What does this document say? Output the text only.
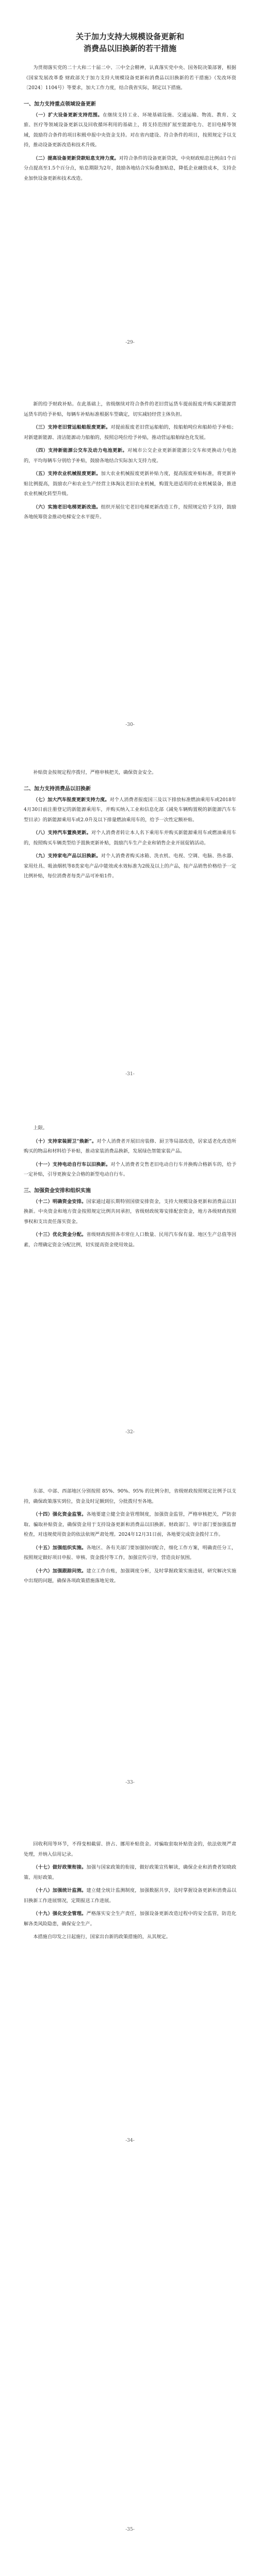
关于加力支持大规模设备更新和

消费品以旧换新的若干措施

为贯彻落实党的二十大和二十届二中、三中全会精神，认真落实党中央、国务院决策部署，根据《国家发展改革委 财政部关于加力支持大规模设备更新和消费品以旧换新的若干措施》（发改环资〔2024〕1104号）等要求，加大工作力度，结合我省实际，制定以下措施。

一、加力支持重点领域设备更新

（一）扩大设备更新支持范围。在继续支持工业、环境基础设施、交通运输、物流、教育、文旅、医疗等领域设备更新以及回收循环利用的基础上，将支持范围扩展至能源电力、老旧电梯等领域，鼓励符合条件的项目积极申报中央资金支持。对在省内建设、符合条件的项目，按照规定予以支持，推动设备更新改造和技术升级。

（二）提高设备更新贷款贴息支持力度。对符合条件的设备更新贷款，中央财政贴息比例由1个百分点提高至1.5个百分点，贴息期限为2年，鼓励各地结合实际叠加贴息，降低企业融资成本，支持企业加快设备更新和技术改造。

-29-

新的给予财政补贴。在此基础上，省级继续对符合条件的老旧营运货车提前报废并购买新能源营运货车的给予补贴，每辆车补贴标准根据车型确定，切实减轻经营主体负担。

（三）支持老旧营运船舶报废更新。对提前报废老旧营运船舶的，按船舶吨位和船龄给予补贴；对新建新能源、清洁能源动力船舶的，按照总吨位给予补贴，推动营运船舶绿色化发展。

（四）支持新能源公交车及动力电池更新。对城市公交企业更新新能源公交车和更换动力电池的，平均每辆车分别给予补贴，鼓励各地结合实际加大支持力度。

（五）支持农业机械报废更新。加大农业机械报废更新补贴力度，提高报废补贴标准，将更新补贴比例提高，鼓励农户和农业生产经营主体淘汰老旧农业机械，购置先进适用的农业机械装备，推进农业机械化转型升级。

（六）实施老旧电梯更新改造。组织开展住宅老旧电梯更新改造工作，按照规定给予支持，鼓励各地统筹资金推动电梯安全水平提升。

-30-

补贴资金按规定程序拨付，严格审核把关，确保资金安全。

二、加力支持消费品以旧换新

（七）加大汽车报废更新支持力度。对个人消费者报废国三及以下排放标准燃油乘用车或2018年4月30日前注册登记的新能源乘用车，并购买纳入工业和信息化部《减免车辆购置税的新能源汽车车型目录》的新能源乘用车或2.0升及以下排量燃油乘用车的，给予一次性定额补贴。

（八）支持汽车置换更新。对个人消费者转让本人名下乘用车并购买新能源乘用车或燃油乘用车的，按照购买车辆类型给予置换更新补贴，鼓励汽车生产企业和销售企业开展促销活动。

（九）支持家电产品以旧换新。对个人消费者购买冰箱、洗衣机、电视、空调、电脑、热水器、家用灶具、吸油烟机等8类家电产品中能效或水效标准为2级及以上的产品，按产品销售价格给予一定比例补贴，每位消费者每类产品可补贴1件。

-31-

上限。

（十）支持家装厨卫“焕新”。对个人消费者开展旧房装修、厨卫等局部改造，居家适老化改造所购买的物品和材料给予补贴，推动家装消费品换新，发展绿色智能家装产品。

（十一）支持电动自行车以旧换新。对个人消费者交售老旧电动自行车并换购合格新车的，给予一定补贴，引导更换安全合格的新型电动自行车。

三、加强资金安排和组织实施

（十二）明确资金安排。国家通过超长期特别国债安排资金，支持大规模设备更新和消费品以旧换新。中央资金和地方资金按照规定比例共同承担，省级财政统筹安排配套资金，地方各级财政按照事权和支出责任落实资金。

（十三）优化资金分配。省级财政按照各市常住人口数量、民用汽车保有量、地区生产总值等因素，合理确定资金分配比例，切实提高资金使用效益。

-32-

东部、中部、西部地区分别按照 85%、90%、95% 的比例分担，省级财政按照规定比例予以支持，确保政策落实到位，资金及时足额到位，分批拨付至各地。

（十四）强化资金监管。各地要建立健全资金管理制度，加强资金监管，严格审核把关，严防套取、骗取补贴资金，确保资金用于支持设备更新和消费品以旧换新。财政部门、审计部门要加强监督检查，对违规使用资金的依法依规严肃处理。2024年12月31日前，各地要完成资金拨付工作。

（十五）加强组织实施。各地区、各有关部门要加强协同配合，细化工作方案，明确责任分工，按照规定做好项目申报、审核、资金拨付等工作，加强宣传引导，营造良好氛围。

（十六）加强跟踪问效。建立工作台账，加强调度分析，及时掌握政策实施进展，研究解决实施中出现的问题，确保各项政策措施落地见效。

-33-

回收利用等环节，不得变相截留、挤占、挪用补贴资金。对骗取套取补贴资金的，依法依规严肃处理，并纳入信用记录。

（十七）做好政策衔接。加强与国家政策的衔接，做好政策宣传解读，确保企业和消费者知晓政策、用好政策。

（十八）加强统计监测。建立健全统计监测制度，加强数据共享，及时掌握设备更新和消费品以旧换新工作进展情况，定期报送工作进展。

（十九）强化安全管理。严格落实安全生产责任，加强设备更新改造过程中的安全监管，防范化解各类风险隐患，确保安全生产。

本措施自印发之日起施行，国家出台新的政策措施的，从其规定。

-34-
-35-
